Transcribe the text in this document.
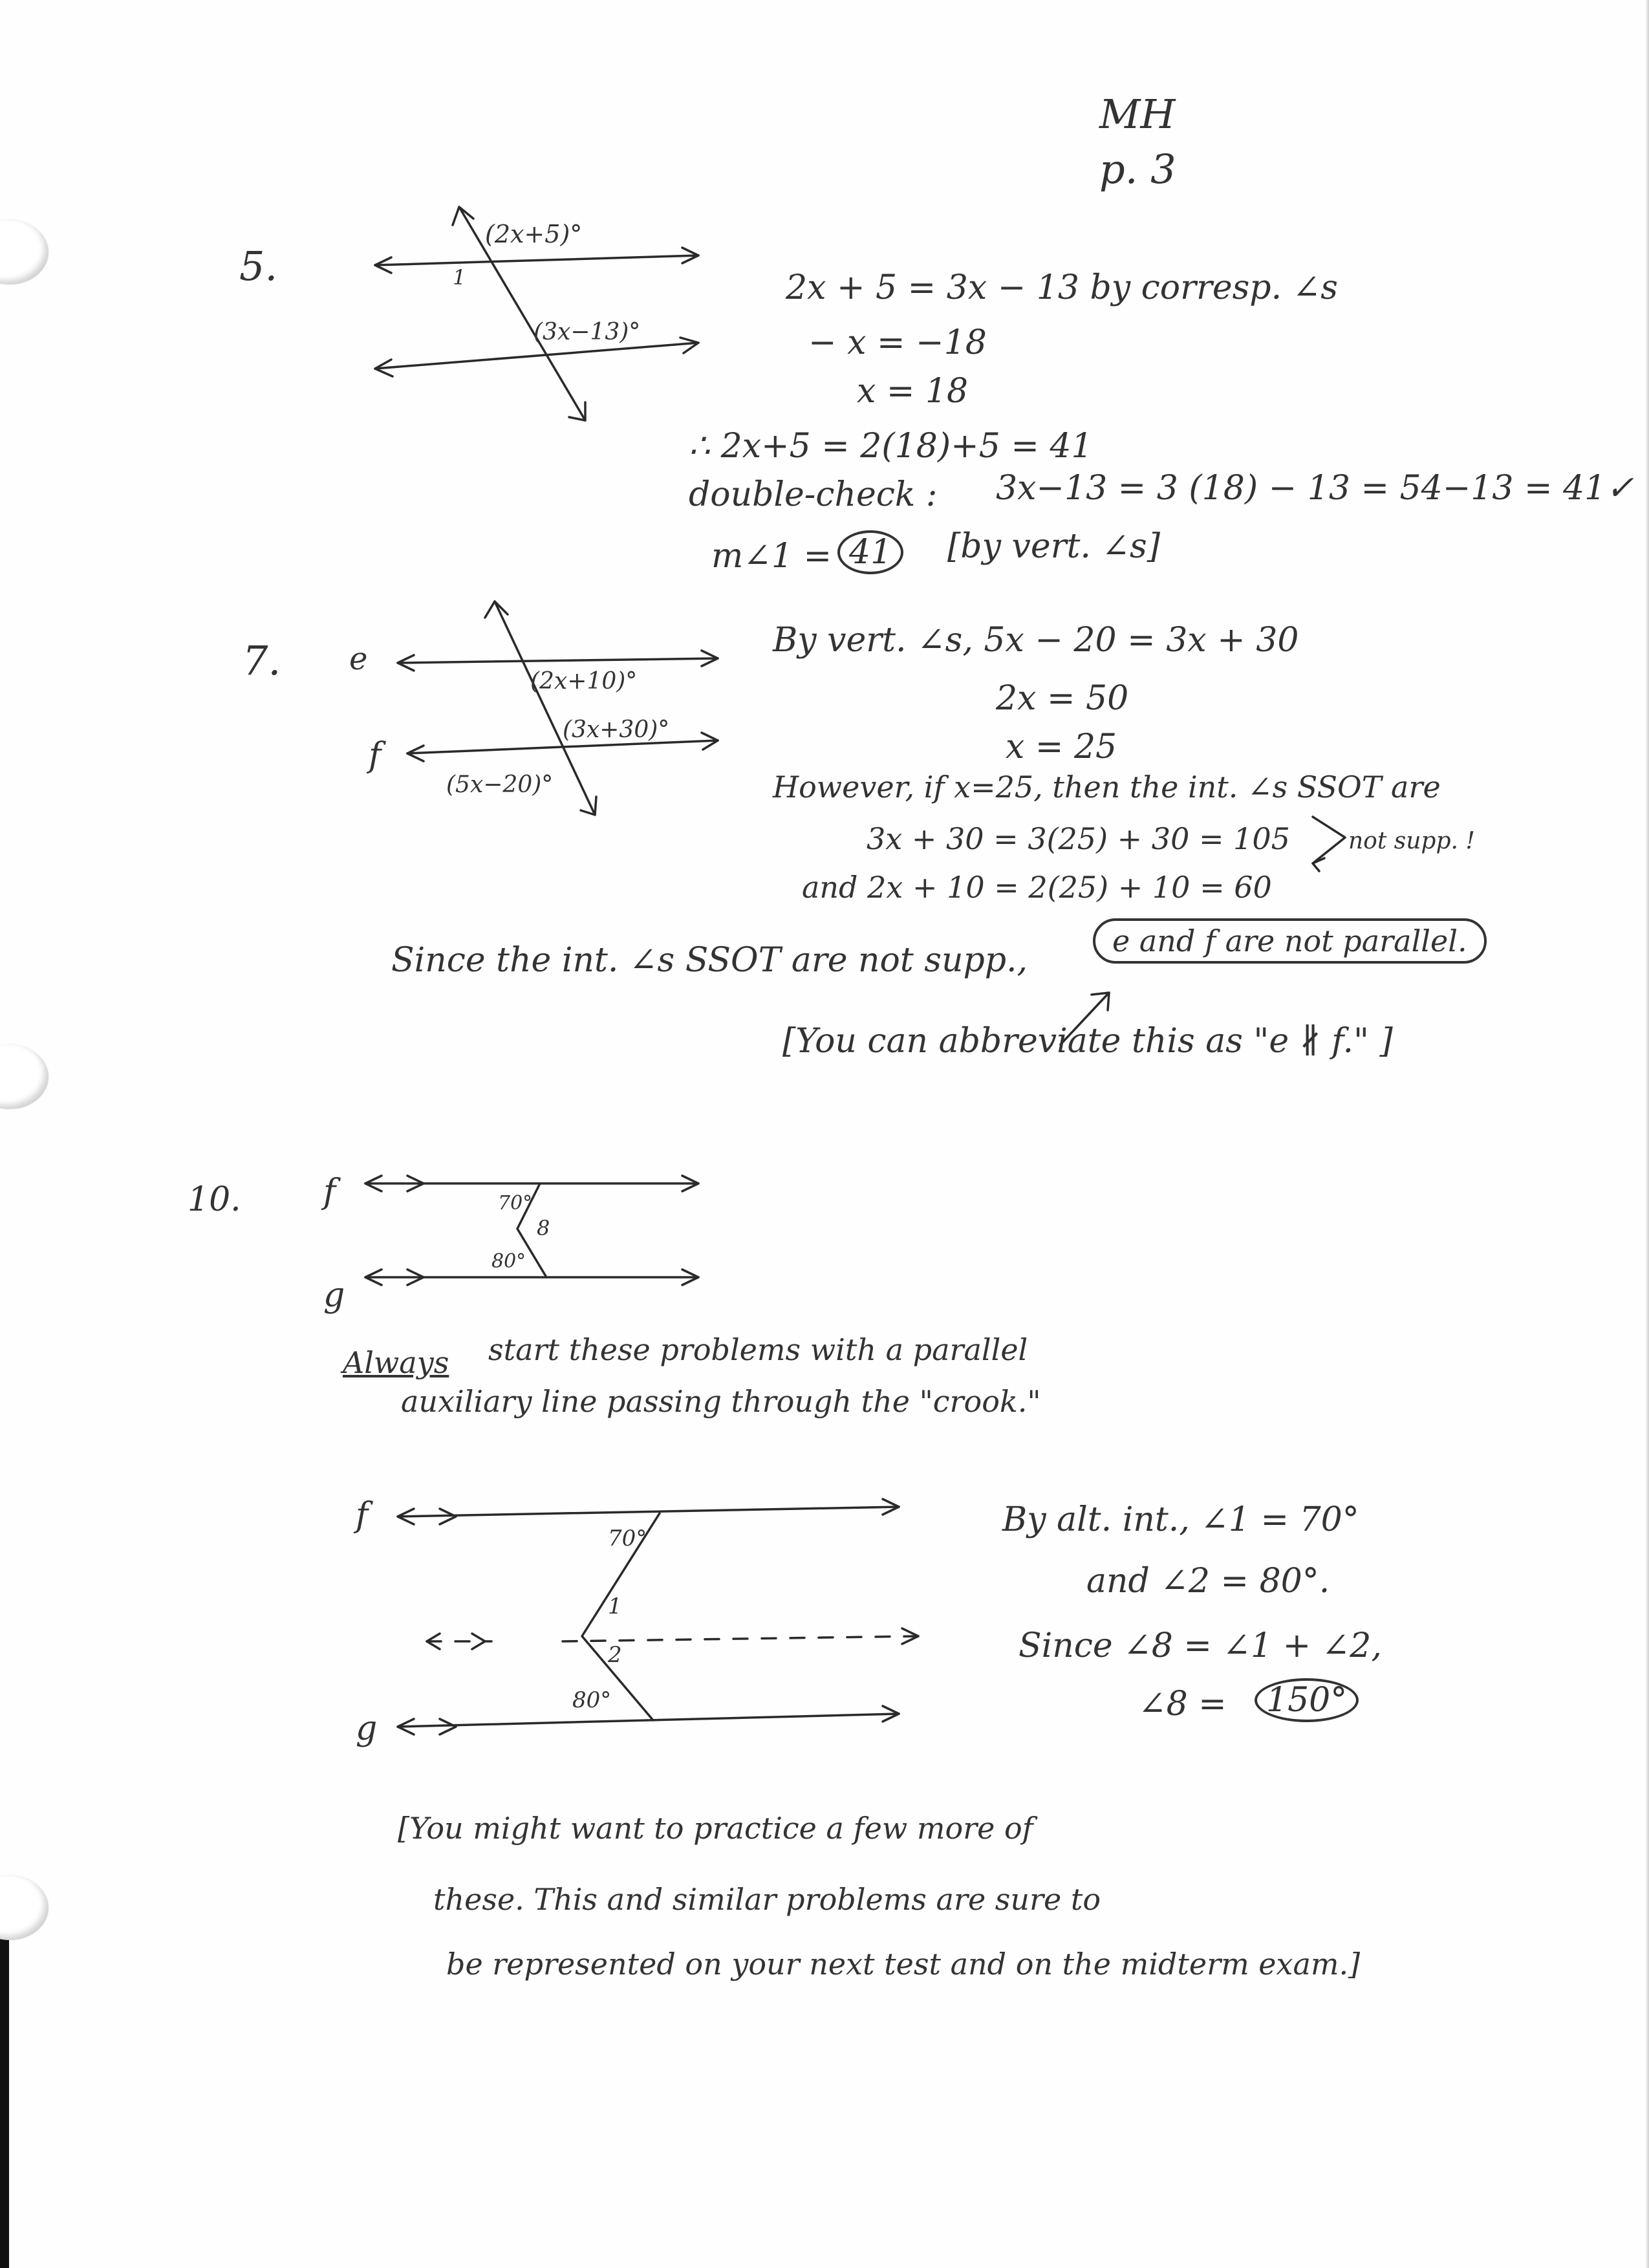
MH
p. 3
5.
(2x+5)°
(3x−13)°
1	2x + 5 = 3x − 13 by corresp. ∠s
− x = −18
x = 18
∴ 2x+5 = 2(18)+5 = 41
double-check : 3x−13 = 3 (18) − 13 = 54−13 = 41✓
m∠1 = 41	[by vert. ∠s]
7. e
f
(2x+10)°
(3x+30)°
(5x−20)°
By vert. ∠s, 5x − 20 = 3x + 30
2x = 50
x = 25
However, if x=25, then the int. ∠s SSOT are
3x + 30 = 3(25) + 30 = 105
and 2x + 10 = 2(25) + 10 = 60
not supp. !
Since the int. ∠s SSOT are not supp.,	e and f are not parallel.
[You can abbreviate this as "e ∦ f." ]
10. f
g
70°
8
80°
Always start these problems with a parallel
auxiliary line passing through the "crook."
f
g
70°
1
2
80°
By alt. int., ∠1 = 70°
and ∠2 = 80°.
Since ∠8 = ∠1 + ∠2,
∠8 =	150°
[You might want to practice a few more of
these. This and similar problems are sure to
be represented on your next test and on the midterm exam.]
